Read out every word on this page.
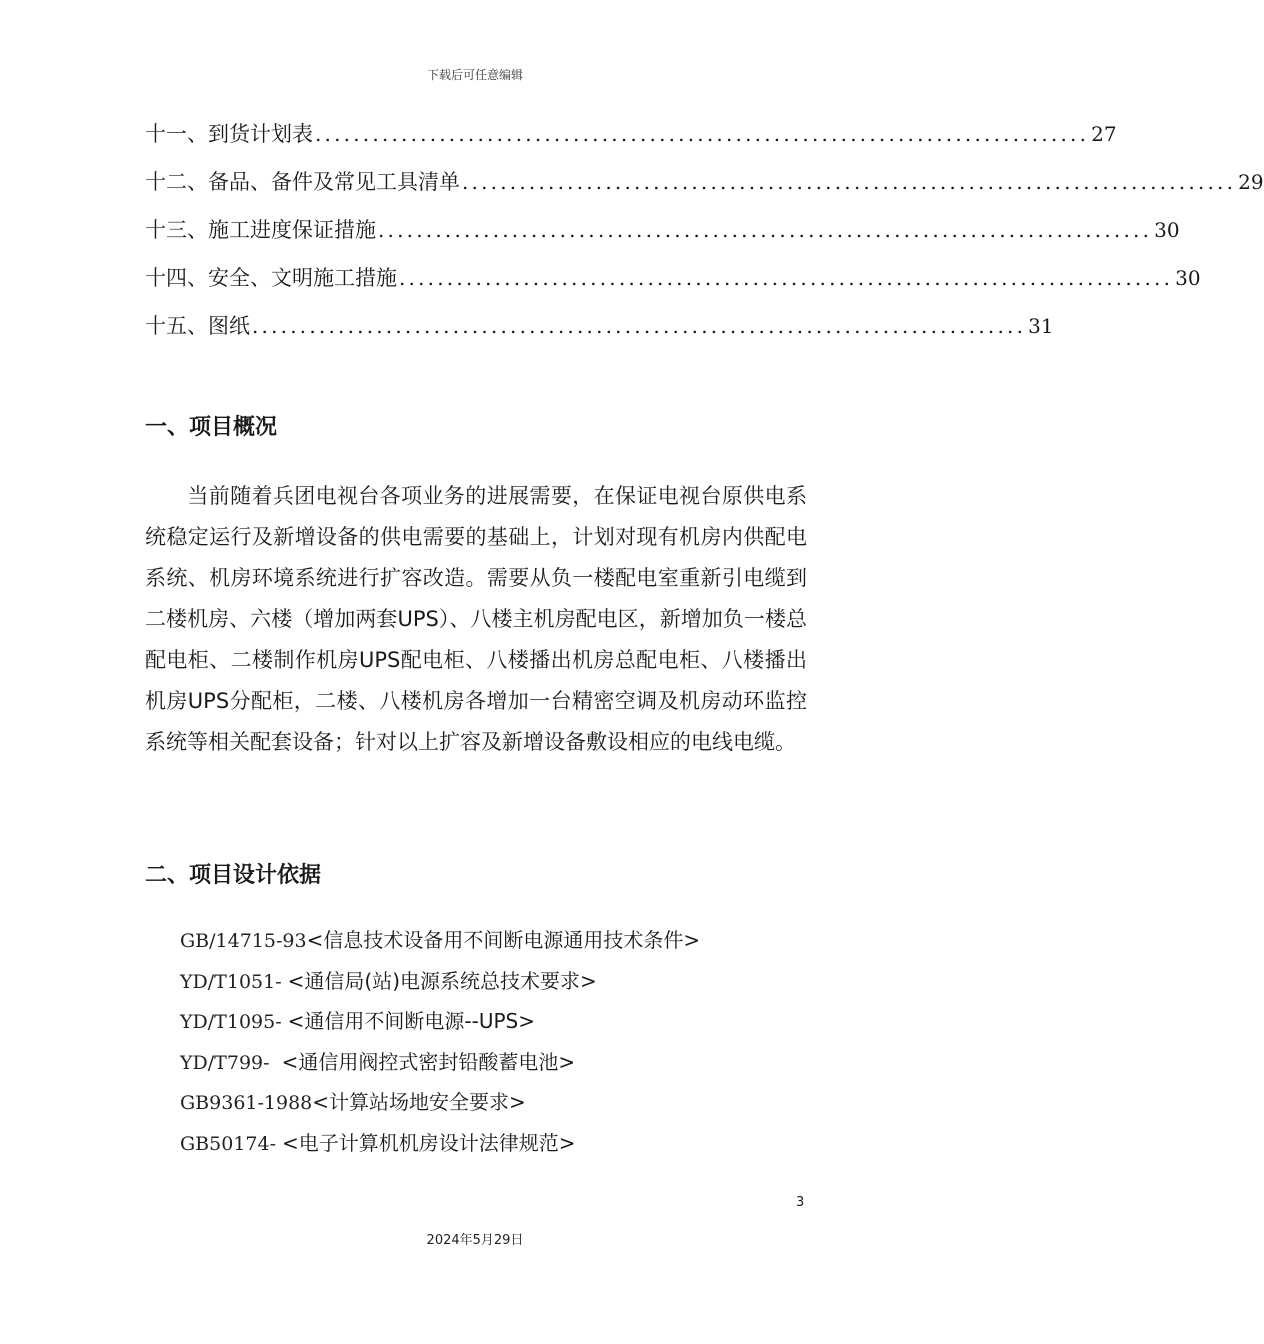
下载后可任意编辑
十一、到货计划表 ................................................................................. 27
十二、备品、备件及常见工具清单 ................................................................................. 29
十三、施工进度保证措施 ................................................................................. 30
十四、安全、文明施工措施 ................................................................................. 30
十五、图纸 ................................................................................. 31
一、项目概况
当前随着兵团电视台各项业务的进展需要，在保证电视台原供电系统稳定运行及新增设备的供电需要的基础上，计划对现有机房内供配电系统、机房环境系统进行扩容改造。需要从负一楼配电室重新引电缆到二楼机房、六楼（增加两套UPS）、八楼主机房配电区，新增加负一楼总配电柜、二楼制作机房UPS配电柜、八楼播出机房总配电柜、八楼播出机房UPS分配柜，二楼、八楼机房各增加一台精密空调及机房动环监控系统等相关配套设备；针对以上扩容及新增设备敷设相应的电线电缆。
二、项目设计依据
GB/14715-93<信息技术设备用不间断电源通用技术条件>
YD/T1051- <通信局(站)电源系统总技术要求>
YD/T1095- <通信用不间断电源--UPS>
YD/T799-  <通信用阀控式密封铅酸蓄电池>
GB9361-1988<计算站场地安全要求>
GB50174- <电子计算机机房设计法律规范>
3
2024年5月29日
